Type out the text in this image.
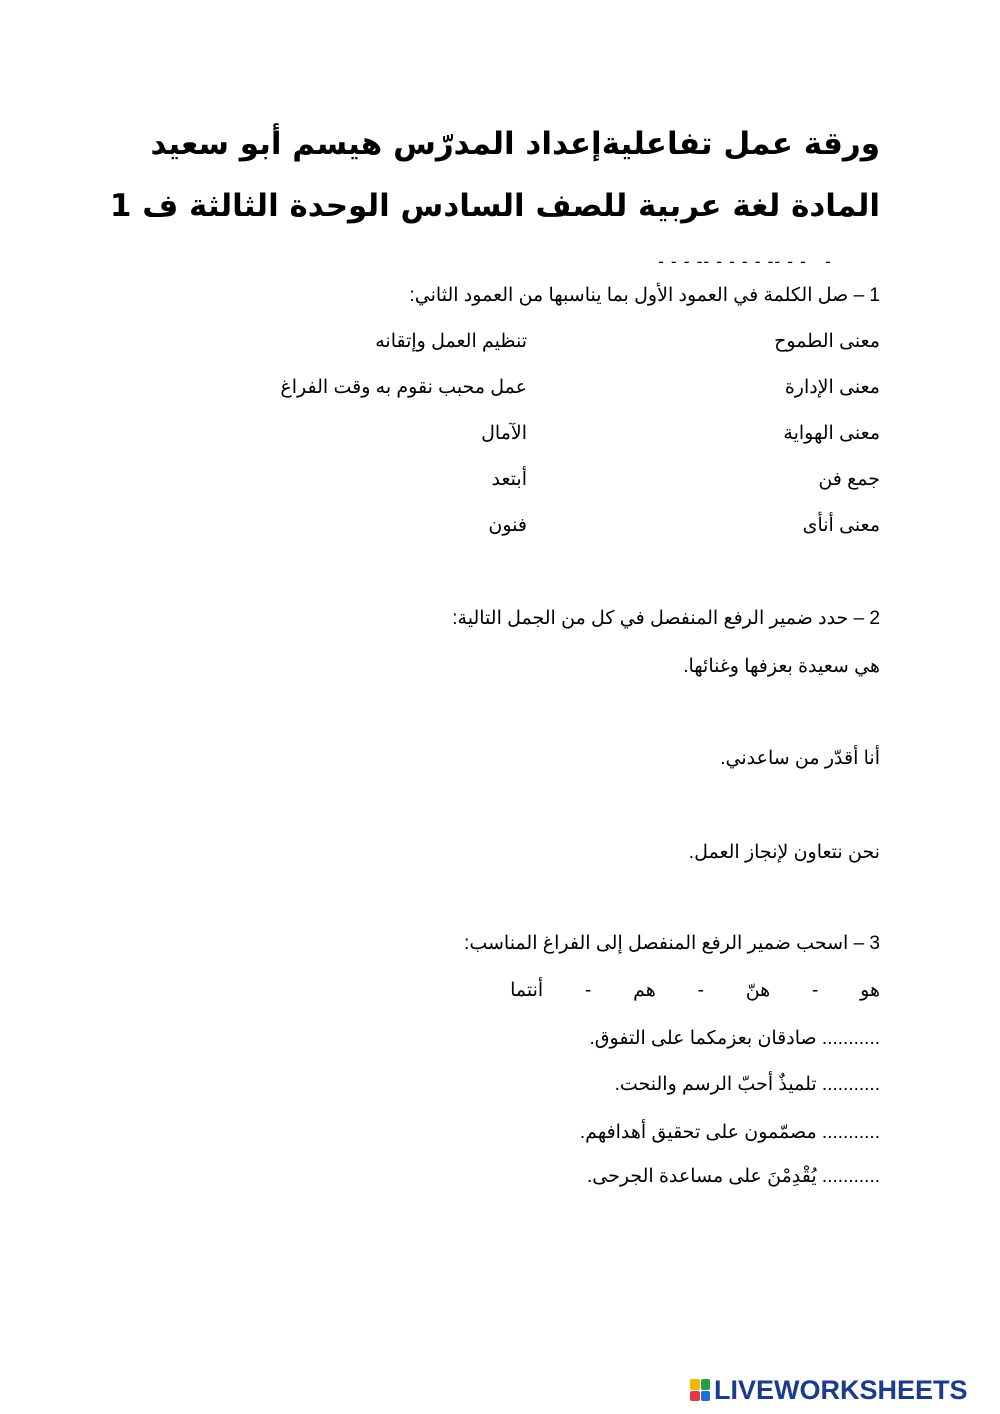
ورقة عمل تفاعلية
إعداد المدرّس هيسم أبو سعيد
المادة لغة عربية للصف السادس الوحدة الثالثة ف 1
- - - -- - - - - -- - -   -
1 – صل الكلمة في العمود الأول بما يناسبها من العمود الثاني:
معنى الطموح
تنظيم العمل وإتقانه
معنى الإدارة
عمل محبب نقوم به وقت الفراغ
معنى الهواية
الآمال
جمع فن
أبتعد
معنى أنأى
فنون
2 – حدد ضمير الرفع المنفصل في كل من الجمل التالية:
هي سعيدة بعزفها وغنائها.
أنا أقدّر من ساعدني.
نحن نتعاون لإنجاز العمل.
3 – اسحب ضمير الرفع المنفصل إلى الفراغ المناسب:
هو
-
هنّ
-
هم
-
أنتما
........... صادقان بعزمكما على التفوق.
........... تلميذٌ أحبّ الرسم والنحت.
........... مصمّمون على تحقيق أهدافهم.
........... يُقْدِمْنَ على مساعدة الجرحى.
LIVEWORKSHEETS
